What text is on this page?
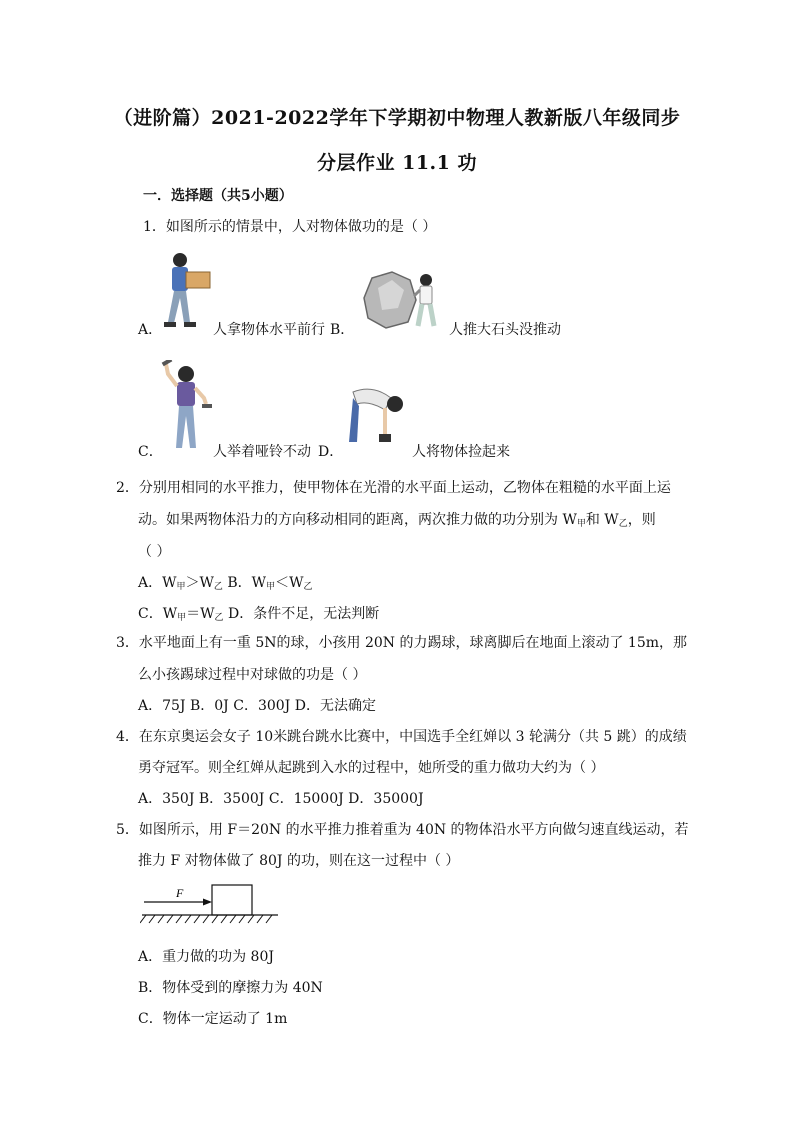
（进阶篇）2021-2022学年下学期初中物理人教新版八年级同步
分层作业 11.1 功
一．选择题（共5小题）
1．如图所示的情景中，人对物体做功的是（ ）
A．	人拿物体水平前行 B．	人推大石头没推动
C．	人举着哑铃不动 D．	人将物体捡起来
2．分别用相同的水平推力，使甲物体在光滑的水平面上运动，乙物体在粗糙的水平面上运
动。如果两物体沿力的方向移动相同的距离，两次推力做的功分别为 $W_甲$和 $W_乙$，则
（ ）
A．$W_甲>W_乙$ B．$W_甲<W_乙$
C．$W_甲=W_乙$ D．条件不足，无法判断
3．水平地面上有一重 5N的球，小孩用 20N 的力踢球，球离脚后在地面上滚动了 15m，那
么小孩踢球过程中对球做的功是（ ）
A．75J B．0J C．300J D．无法确定
4．在东京奥运会女子 10米跳台跳水比赛中，中国选手全红婵以 3 轮满分（共 5 跳）的成绩
勇夺冠军。则全红婵从起跳到入水的过程中，她所受的重力做功大约为（ ）
A．350J B．3500J C．15000J D．35000J
5．如图所示，用 F＝20N 的水平推力推着重为 40N 的物体沿水平方向做匀速直线运动，若
推力 F 对物体做了 80J 的功，则在这一过程中（ ）
F
A．重力做的功为 80J
B．物体受到的摩擦力为 40N
C．物体一定运动了 1m
